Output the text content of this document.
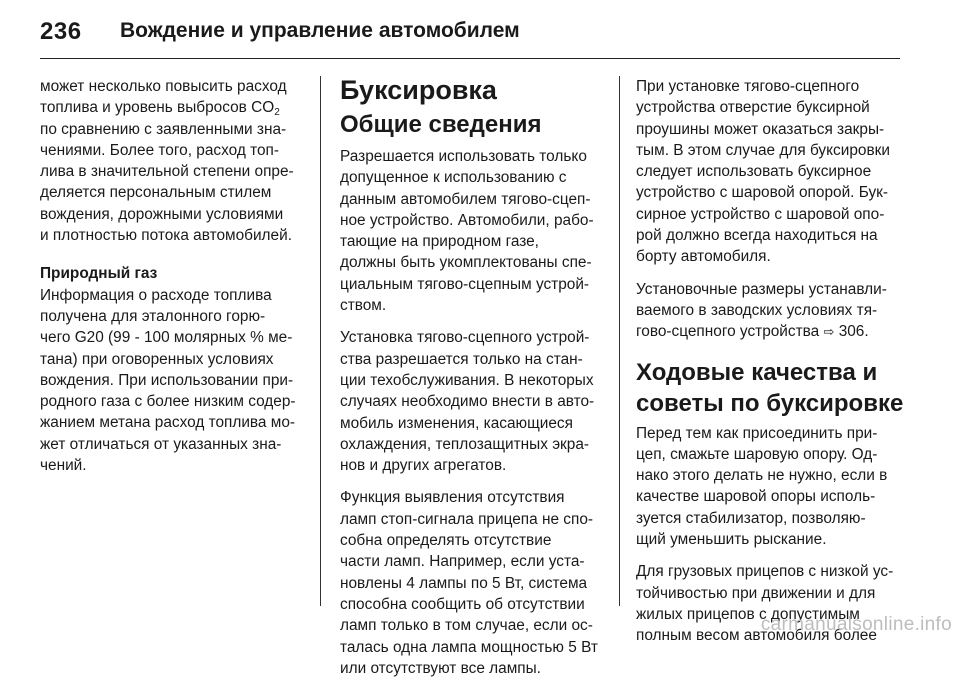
236 Вождение и управление автомобилем
может несколько повысить расход
топлива и уровень выбросов $CO_2$
по сравнению с заявленными зна-
чениями. Более того, расход топ-
лива в значительной степени опре-
деляется персональным стилем
вождения, дорожными условиями
и плотностью потока автомобилей.
Природный газ
Информация о расходе топлива
получена для эталонного горю-
чего G20 (99 - 100 молярных % ме-
тана) при оговоренных условиях
вождения. При использовании при-
родного газа с более низким содер-
жанием метана расход топлива мо-
жет отличаться от указанных зна-
чений.
Буксировка
Общие сведения
Разрешается использовать только
допущенное к использованию с
данным автомобилем тягово-сцеп-
ное устройство. Автомобили, рабо-
тающие на природном газе,
должны быть укомплектованы спе-
циальным тягово-сцепным устрой-
ством.
Установка тягово-сцепного устрой-
ства разрешается только на стан-
ции техобслуживания. В некоторых
случаях необходимо внести в авто-
мобиль изменения, касающиеся
охлаждения, теплозащитных экра-
нов и других агрегатов.
Функция выявления отсутствия
ламп стоп-сигнала прицепа не спо-
собна определять отсутствие
части ламп. Например, если уста-
новлены 4 лампы по 5 Вт, система
способна сообщить об отсутствии
ламп только в том случае, если ос-
талась одна лампа мощностью 5 Вт
или отсутствуют все лампы.
При установке тягово-сцепного
устройства отверстие буксирной
проушины может оказаться закры-
тым. В этом случае для буксировки
следует использовать буксирное
устройство с шаровой опорой. Бук-
сирное устройство с шаровой опо-
рой должно всегда находиться на
борту автомобиля.
Установочные размеры устанавли-
ваемого в заводских условиях тя-
гово-сцепного устройства ⇨ 306.
Ходовые качества и
советы по буксировке
Перед тем как присоединить при-
цеп, смажьте шаровую опору. Од-
нако этого делать не нужно, если в
качестве шаровой опоры исполь-
зуется стабилизатор, позволяю-
щий уменьшить рыскание.
Для грузовых прицепов с низкой ус-
тойчивостью при движении и для
жилых прицепов с допустимым
полным весом автомобиля более
carmanualsonline.info
